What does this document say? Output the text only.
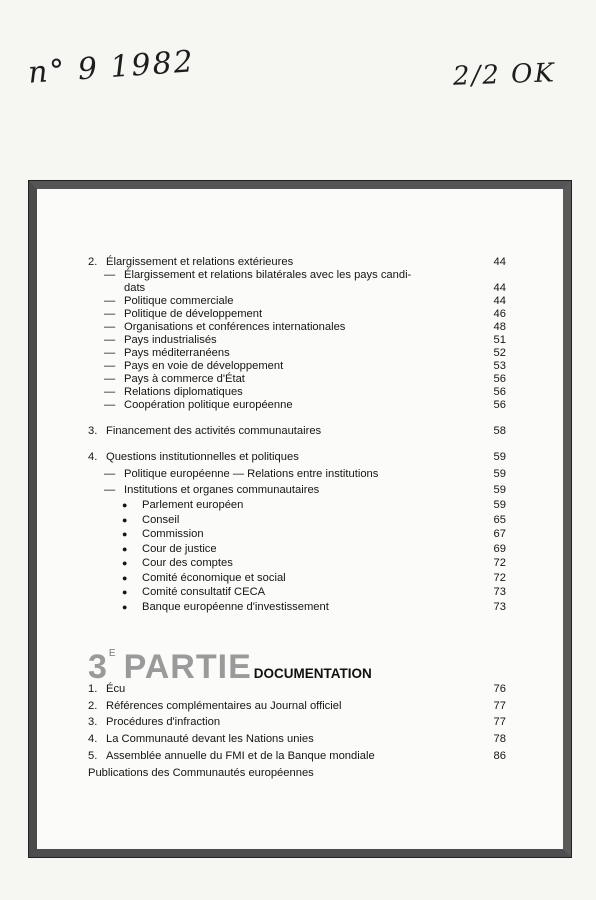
n° 9 1982	2/2 OK
2. Élargissement et relations extérieures	44
— Élargissement et relations bilatérales avec les pays candi-
dats	44
— Politique commerciale	44
— Politique de développement	46
— Organisations et conférences internationales	48
— Pays industrialisés	51
— Pays méditerranéens	52
— Pays en voie de développement	53
— Pays à commerce d'État	56
— Relations diplomatiques	56
— Coopération politique européenne	56
3. Financement des activités communautaires	58
4. Questions institutionnelles et politiques	59
— Politique européenne — Relations entre institutions	59
— Institutions et organes communautaires	59
●	Parlement européen	59
●	Conseil	65
●	Commission	67
●	Cour de justice	69
●	Cour des comptes	72
●	Comité économique et social	72
●	Comité consultatif CECA	73
●	Banque européenne d'investissement	73
3 E PARTIE DOCUMENTATION
1. Écu	76
2. Références complémentaires au Journal officiel	77
3. Procédures d'infraction	77
4. La Communauté devant les Nations unies	78
5. Assemblée annuelle du FMI et de la Banque mondiale	86
Publications des Communautés européennes
